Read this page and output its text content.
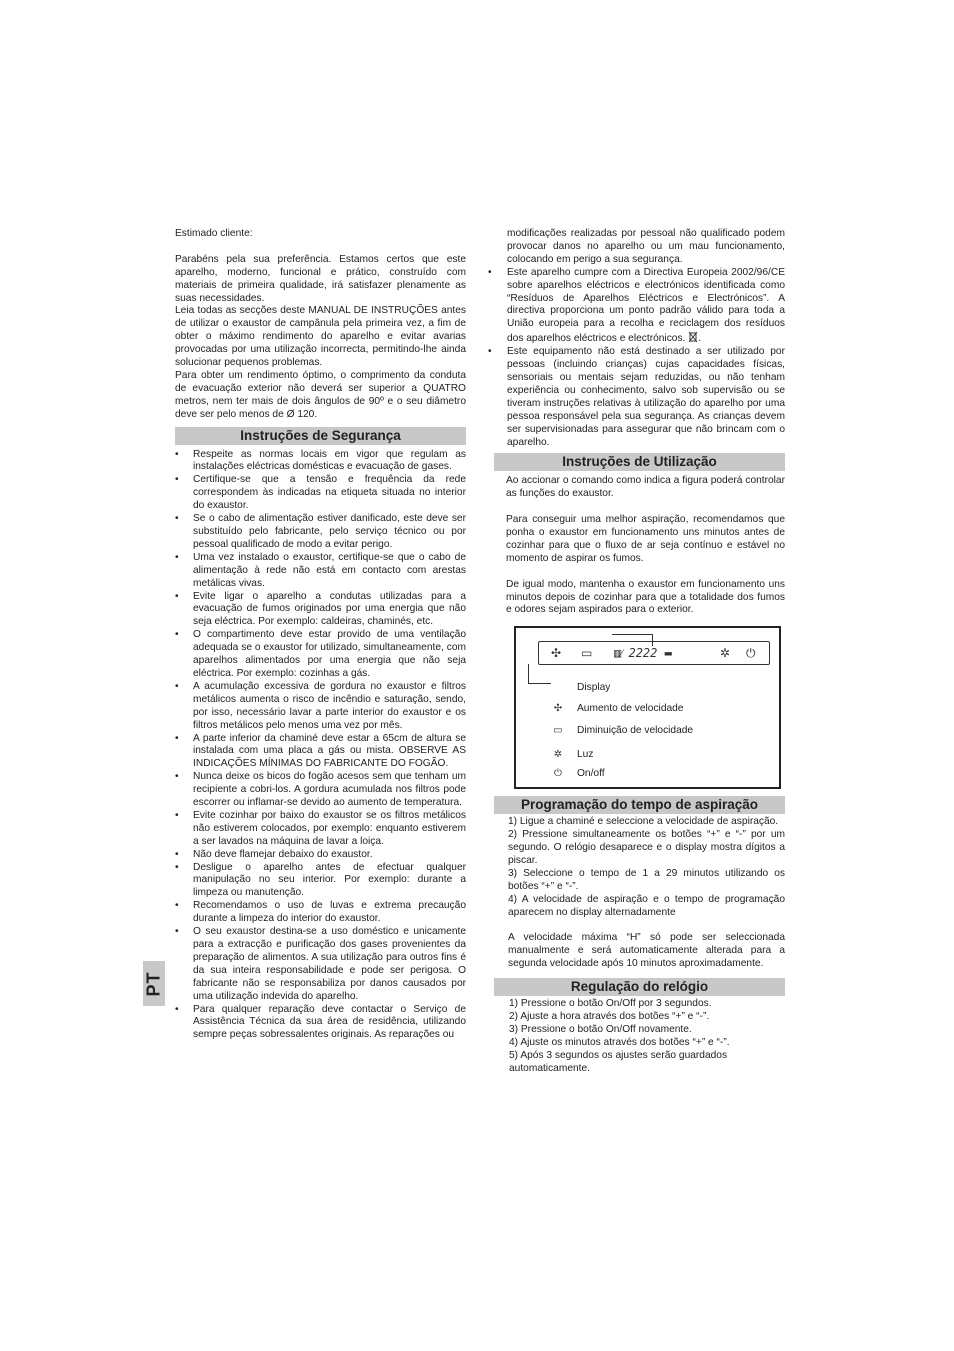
PT

Estimado cliente:

Parabéns pela sua preferência. Estamos certos que este aparelho, moderno, funcional e prático, construído com materiais de primeira qualidade, irá satisfazer plenamente as suas necessidades.

Leia todas as secções deste MANUAL DE INSTRUÇÕES antes de utilizar o exaustor de campânula pela primeira vez, a fim de obter o máximo rendimento do aparelho e evitar avarias provocadas por uma utilização incorrecta, permitindo-lhe ainda solucionar pequenos problemas.

Para obter um rendimento óptimo, o comprimento da conduta de evacuação exterior não deverá ser superior a QUATRO metros, nem ter mais de dois ângulos de 90º e o seu diâmetro deve ser pelo menos de Ø 120.

Instruções de Segurança
• Respeite as normas locais em vigor que regulam as instalações eléctricas domésticas e evacuação de gases.
• Certifique-se que a tensão e frequência da rede correspondem às indicadas na etiqueta situada no interior do exaustor.
• Se o cabo de alimentação estiver danificado, este deve ser substituído pelo fabricante, pelo serviço técnico ou por pessoal qualificado de modo a evitar perigo.
• Uma vez instalado o exaustor, certifique-se que o cabo de alimentação à rede não está em contacto com arestas metálicas vivas.
• Evite ligar o aparelho a condutas utilizadas para a evacuação de fumos originados por uma energia que não seja eléctrica. Por exemplo: caldeiras, chaminés, etc.
• O compartimento deve estar provido de uma ventilação adequada se o exaustor for utilizado, simultaneamente, com aparelhos alimentados por uma energia que não seja eléctrica. Por exemplo: cozinhas a gás.
• A acumulação excessiva de gordura no exaustor e filtros metálicos aumenta o risco de incêndio e saturação, sendo, por isso, necessário lavar a parte interior do exaustor e os filtros metálicos pelo menos uma vez por mês.
• A parte inferior da chaminé deve estar a 65cm de altura se instalada com uma placa a gás ou mista. OBSERVE AS INDICAÇÕES MÍNIMAS DO FABRICANTE DO FOGÃO.
• Nunca deixe os bicos do fogão acesos sem que tenham um recipiente a cobri-los. A gordura acumulada nos filtros pode escorrer ou inflamar-se devido ao aumento de temperatura.
• Evite cozinhar por baixo do exaustor se os filtros metálicos não estiverem colocados, por exemplo: enquanto estiverem a ser lavados na máquina de lavar a loiça.
• Não deve flamejar debaixo do exaustor.
• Desligue o aparelho antes de efectuar qualquer manipulação no seu interior. Por exemplo: durante a limpeza ou manutenção.
• Recomendamos o uso de luvas e extrema precaução durante a limpeza do interior do exaustor.
• O seu exaustor destina-se a uso doméstico e unicamente para a extracção e purificação dos gases provenientes da preparação de alimentos. A sua utilização para outros fins é da sua inteira responsabilidade e pode ser perigosa. O fabricante não se responsabiliza por danos causados por uma utilização indevida do aparelho.
• Para qualquer reparação deve contactar o Serviço de Assistência Técnica da sua área de residência, utilizando sempre peças sobressalentes originais. As reparações ou

modificações realizadas por pessoal não qualificado podem provocar danos no aparelho ou um mau funcionamento, colocando em perigo a sua segurança.

• Este aparelho cumpre com a Directiva Europeia 2002/96/CE sobre aparelhos eléctricos e electrónicos identificada como “Resíduos de Aparelhos Eléctricos e Electrónicos”. A directiva proporciona um ponto padrão válido para toda a União europeia para a recolha e reciclagem dos resíduos dos aparelhos eléctricos e electrónicos. .
• Este equipamento não está destinado a ser utilizado por pessoas (incluindo crianças) cujas capacidades físicas, sensoriais ou mentais sejam reduzidas, ou não tenham experiência ou conhecimento, salvo sob supervisão ou se tiveram instruções relativas à utilização do aparelho por uma pessoa responsável pela sua segurança. As crianças devem ser supervisionadas para assegurar que não brincam com o aparelho.
Instruções de Utilização

Ao accionar o comando como indica a figura poderá controlar as funções do exaustor.

Para conseguir uma melhor aspiração, recomendamos que ponha o exaustor em funcionamento uns minutos antes de cozinhar para que o fluxo de ar seja contínuo e estável no momento de aspirar os fumos.

De igual modo, mantenha o exaustor em funcionamento uns minutos depois de cozinhar para que a totalidade dos fumos e odores sejam aspirados para o exterior.

✣ ▭ ▥⁄ 2222 ▬	✲ ⏻
Display
✣	Aumento de velocidade
▭	Diminuição de velocidade
✲	Luz
⏻	On/off
Programação do tempo de aspiração
1) Ligue a chaminé e seleccione a velocidade de aspiração.
2) Pressione simultaneamente os botões “+” e “-” por um segundo. O relógio desaparece e o display mostra dígitos a piscar.
3) Seleccione o tempo de 1 a 29 minutos utilizando os botões “+” e “-”.
4) A velocidade de aspiração e o tempo de programação aparecem no display alternadamente
A velocidade máxima “H” só pode ser seleccionada manualmente e será automaticamente alterada para a segunda velocidade após 10 minutos aproximadamente.
Regulação do relógio
1) Pressione o botão On/Off por 3 segundos.
2) Ajuste a hora através dos botões “+” e “-”.
3) Pressione o botão On/Off novamente.
4) Ajuste os minutos através dos botões “+” e “-”.
5) Após 3 segundos os ajustes serão guardados automaticamente.
